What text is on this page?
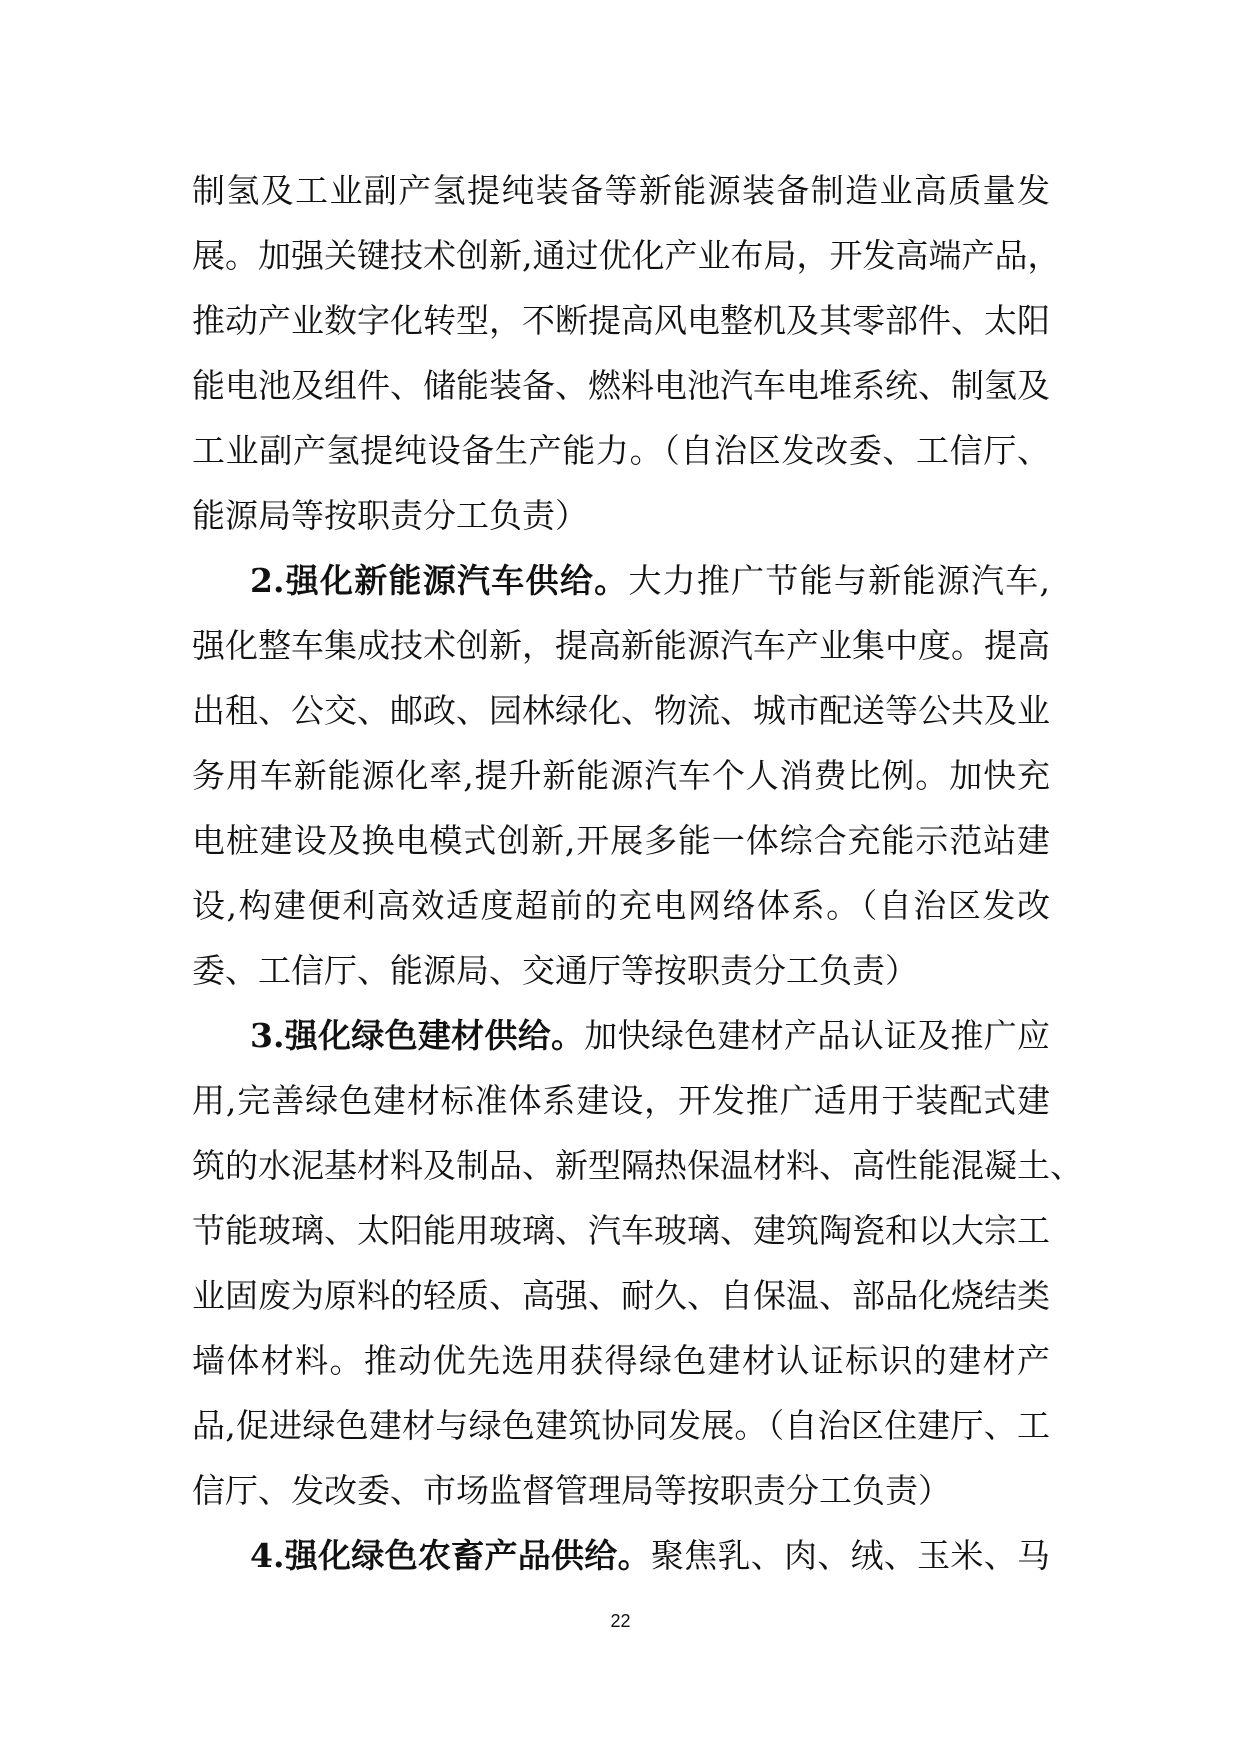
制氢及工业副产氢提纯装备等新能源装备制造业高质量发
展。加强关键技术创新,通过优化产业布局，开发高端产品，
推动产业数字化转型，不断提高风电整机及其零部件、太阳
能电池及组件、储能装备、燃料电池汽车电堆系统、制氢及
工业副产氢提纯设备生产能力。（自治区发改委、工信厅、
能源局等按职责分工负责）
2.强化新能源汽车供给。大力推广节能与新能源汽车,
强化整车集成技术创新，提高新能源汽车产业集中度。提高
出租、公交、邮政、园林绿化、物流、城市配送等公共及业
务用车新能源化率,提升新能源汽车个人消费比例。加快充
电桩建设及换电模式创新,开展多能一体综合充能示范站建
设,构建便利高效适度超前的充电网络体系。（自治区发改
委、工信厅、能源局、交通厅等按职责分工负责）
3.强化绿色建材供给。加快绿色建材产品认证及推广应
用,完善绿色建材标准体系建设，开发推广适用于装配式建
筑的水泥基材料及制品、新型隔热保温材料、高性能混凝土、
节能玻璃、太阳能用玻璃、汽车玻璃、建筑陶瓷和以大宗工
业固废为原料的轻质、高强、耐久、自保温、部品化烧结类
墙体材料。推动优先选用获得绿色建材认证标识的建材产
品,促进绿色建材与绿色建筑协同发展。（自治区住建厅、工
信厅、发改委、市场监督管理局等按职责分工负责）
4.强化绿色农畜产品供给。聚焦乳、肉、绒、玉米、马
22
